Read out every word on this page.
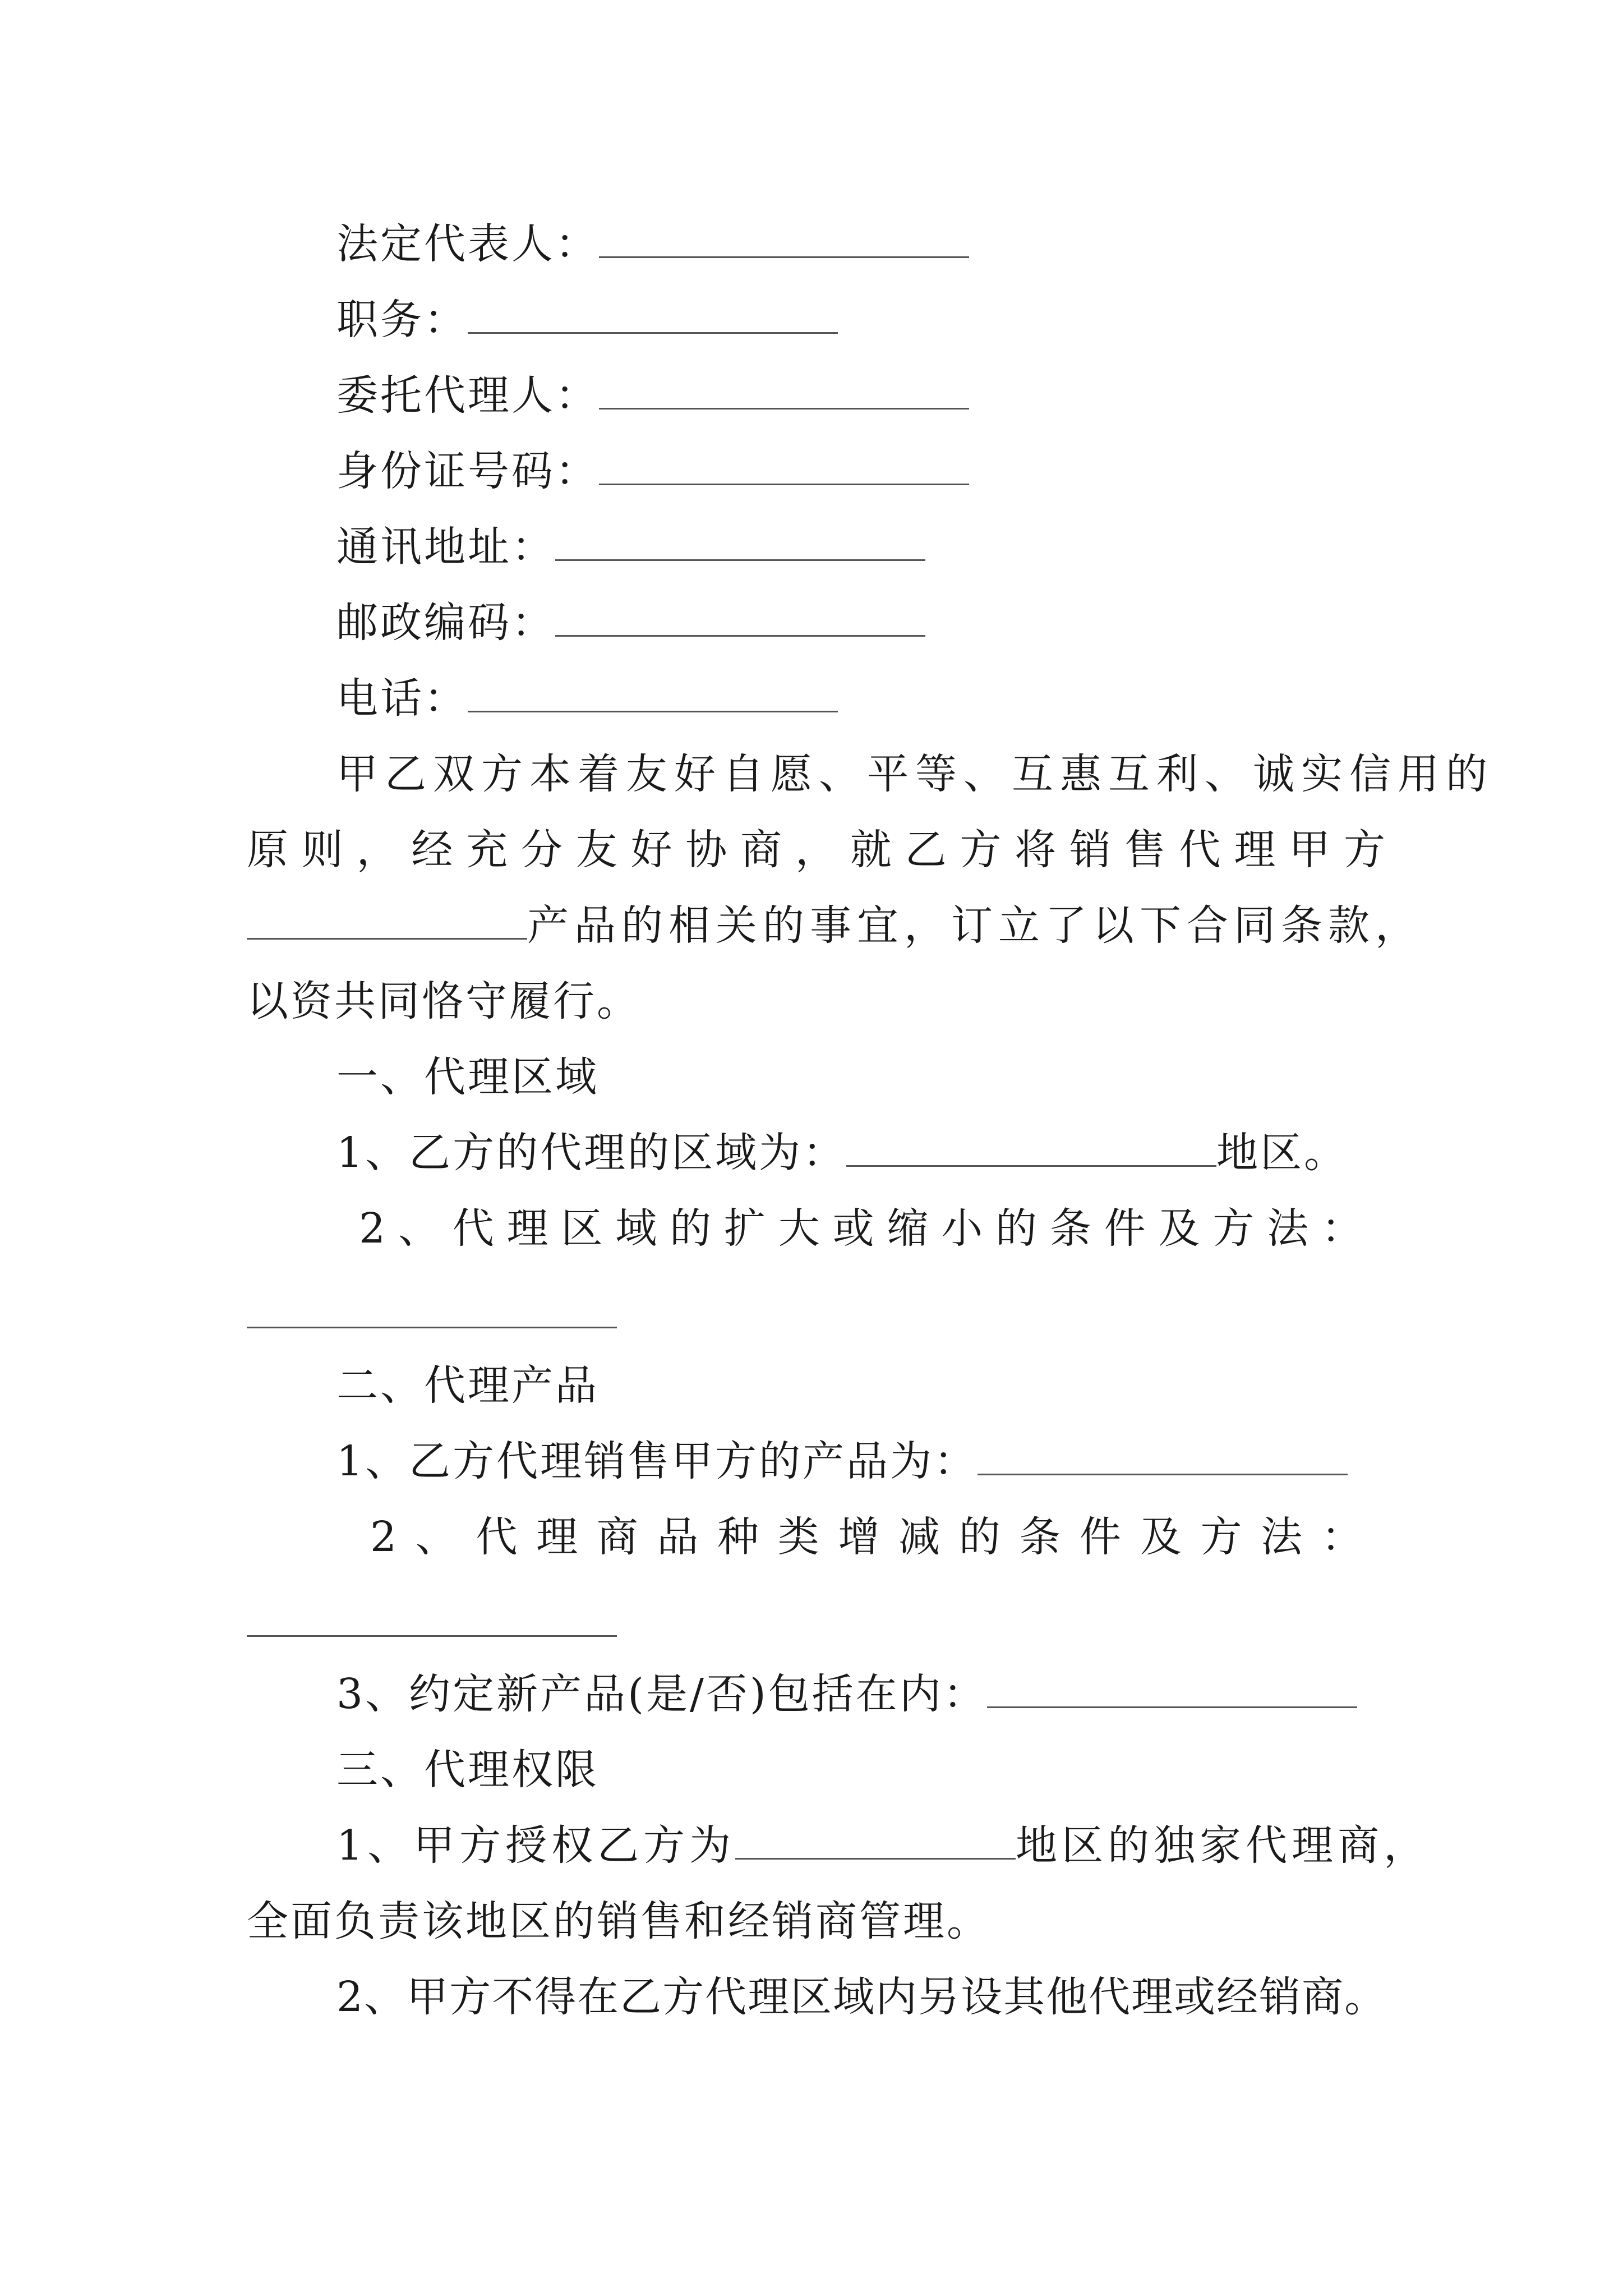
法定代表人：
职务：
委托代理人：
身份证号码：
通讯地址：
邮政编码：
电话：
甲乙双方本着友好自愿、平等、互惠互利、诚实信用的
原 则 ， 经 充 分 友 好 协 商 ， 就 乙 方 将 销 售 代 理 甲 方
产品的相关的事宜，订立了以下合同条款，
以资共同恪守履行。
一、代理区域
1、乙方的代理的区域为：	地区。
2 、 代 理 区 域 的 扩 大 或 缩 小 的 条 件 及 方 法 ：
二、代理产品
1、乙方代理销售甲方的产品为：
2 、 代 理 商 品 种 类 增 减 的 条 件 及 方 法 ：
3、约定新产品(是/否)包括在内：
三、代理权限
1、甲方授权乙方为	地区的独家代理商，
全面负责该地区的销售和经销商管理。
2、甲方不得在乙方代理区域内另设其他代理或经销商。
